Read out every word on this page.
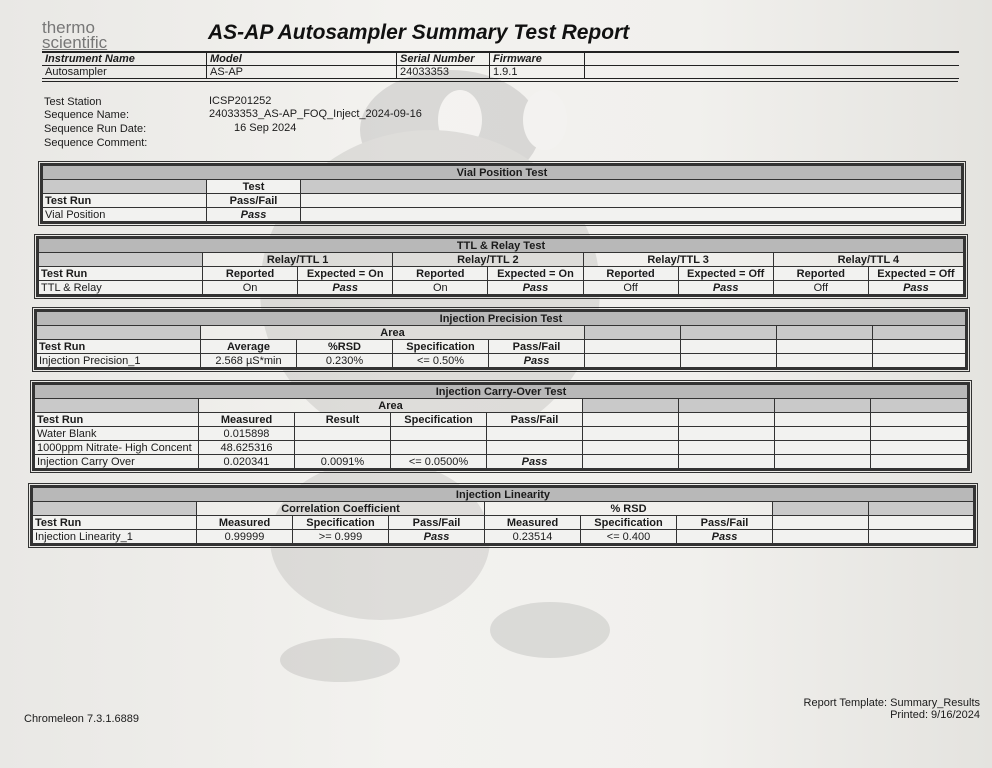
thermo
scientific	AS-AP Autosampler Summary Test Report
Instrument Name	Model	Serial Number	Firmware	
Autosampler	AS-AP	24033353	1.9.1	
Test Station	ICSP201252
Sequence Name:	24033353_AS-AP_FOQ_Inject_2024-09-16
Sequence Run Date:	16 Sep 2024
Sequence Comment:
Vial Position Test		
	Test	
Test Run	Pass/Fail	
Vial Position	Pass	
TTL & Relay Test								
	Relay/TTL 1		Relay/TTL 2		Relay/TTL 3		Relay/TTL 4	
Test Run	Reported	Expected = On	Reported	Expected = On	Reported	Expected = Off	Reported	Expected = Off
TTL & Relay	On	Pass	On	Pass	Off	Pass	Off	Pass
Injection Precision Test								
	Area							
Test Run	Average	%RSD	Specification	Pass/Fail				
Injection Precision_1	2.568 µS*min	0.230%	<= 0.50%	Pass				
Injection Carry-Over Test								
	Area							
Test Run	Measured	Result	Specification	Pass/Fail				
Water Blank	0.015898							
1000ppm Nitrate- High Concent	48.625316							
Injection Carry Over	0.020341	0.0091%	<= 0.0500%	Pass				
Injection Linearity								
	Correlation Coefficient			% RSD				
Test Run	Measured	Specification	Pass/Fail	Measured	Specification	Pass/Fail		
Injection Linearity_1	0.99999	>= 0.999	Pass	0.23514	<= 0.400	Pass		
Chromeleon 7.3.1.6889
Report Template: Summary_Results
Printed: 9/16/2024
